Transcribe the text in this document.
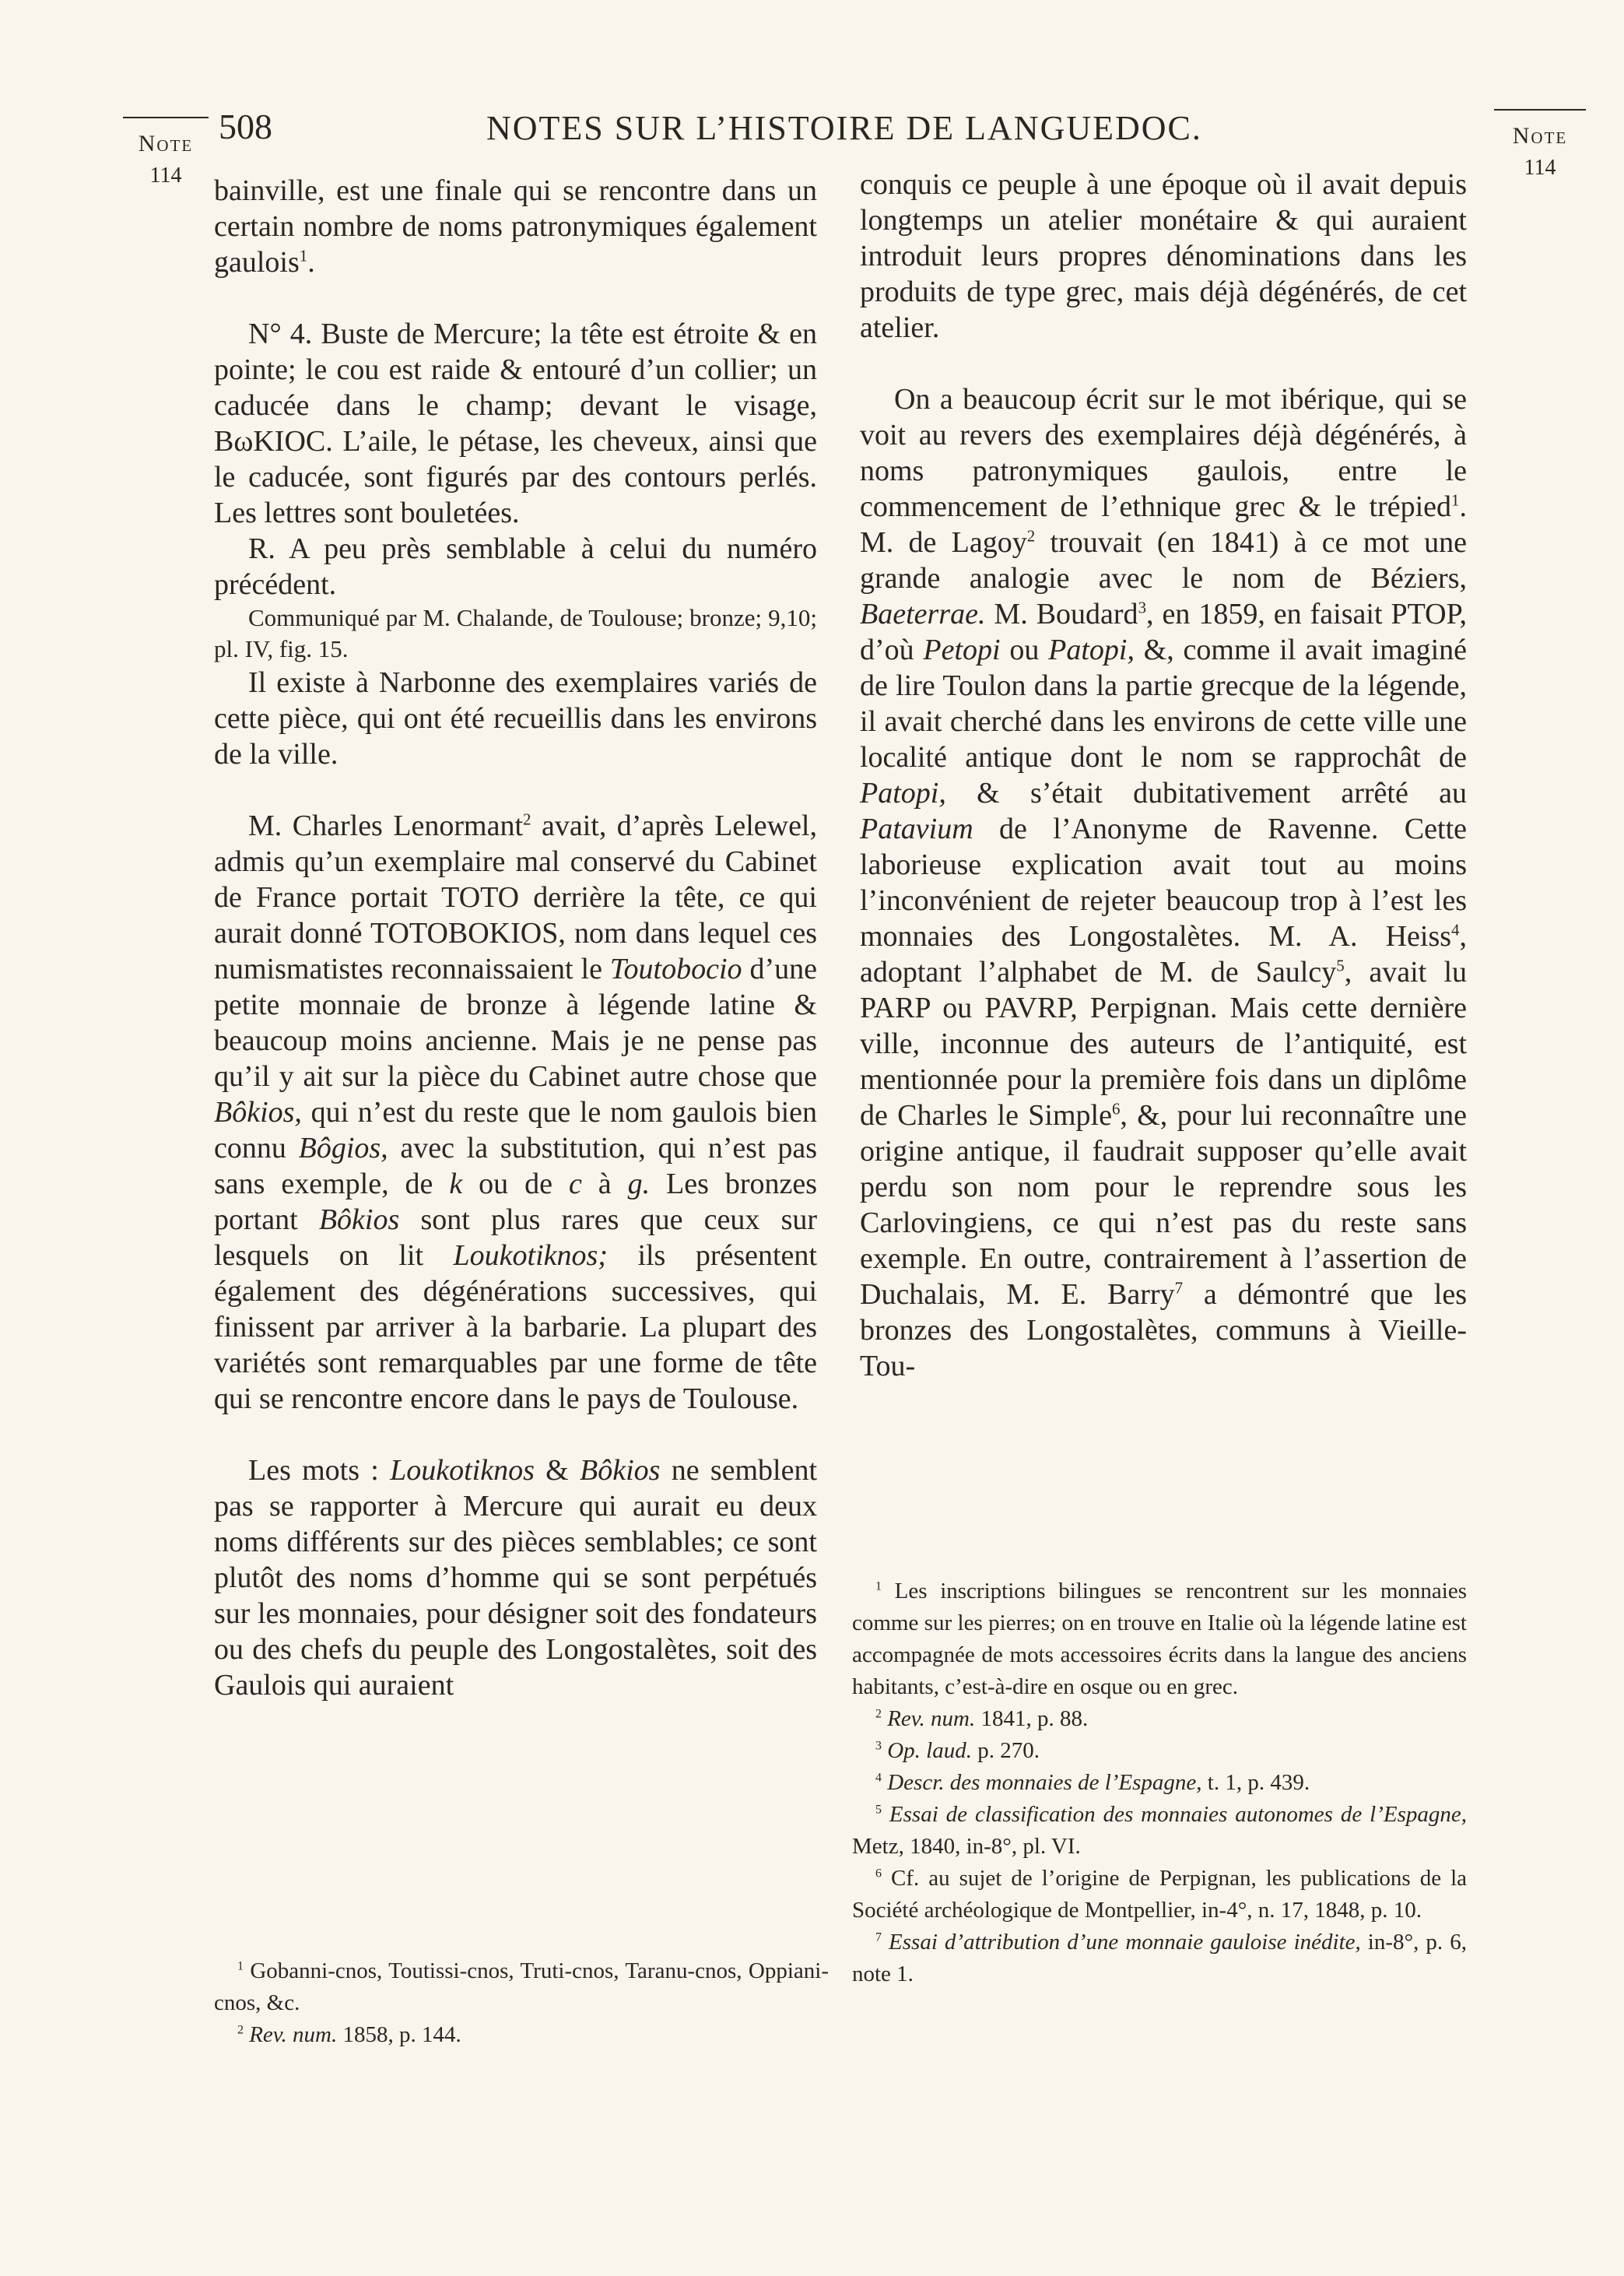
Note
114
508	NOTES SUR L’HISTOIRE DE LANGUEDOC.	Note
114

bainville, est une finale qui se rencontre dans un certain nombre de noms patronymiques également gaulois$^1$.

N° 4. Buste de Mercure; la tête est étroite & en pointe; le cou est raide & entouré d’un collier; un caducée dans le champ; devant le visage, BωKIOC. L’aile, le pétase, les cheveux, ainsi que le caducée, sont figurés par des contours perlés. Les lettres sont bouletées.

R. A peu près semblable à celui du numéro précédent.

Communiqué par M. Chalande, de Toulouse; bronze; 9,10; pl. IV, fig. 15.

Il existe à Narbonne des exemplaires variés de cette pièce, qui ont été recueillis dans les environs de la ville.

M. Charles Lenormant$^2$ avait, d’après Lelewel, admis qu’un exemplaire mal conservé du Cabinet de France portait TOTO derrière la tête, ce qui aurait donné TOTOBOKIOS, nom dans lequel ces numismatistes reconnaissaient le Toutobocio d’une petite monnaie de bronze à légende latine & beaucoup moins ancienne. Mais je ne pense pas qu’il y ait sur la pièce du Cabinet autre chose que Bôkios, qui n’est du reste que le nom gaulois bien connu Bôgios, avec la substitution, qui n’est pas sans exemple, de k ou de c à g. Les bronzes portant Bôkios sont plus rares que ceux sur lesquels on lit Loukotiknos; ils présentent également des dégénérations successives, qui finissent par arriver à la barbarie. La plupart des variétés sont remarquables par une forme de tête qui se rencontre encore dans le pays de Toulouse.

Les mots : Loukotiknos & Bôkios ne semblent pas se rapporter à Mercure qui aurait eu deux noms différents sur des pièces semblables; ce sont plutôt des noms d’homme qui se sont perpétués sur les monnaies, pour désigner soit des fondateurs ou des chefs du peuple des Longostalètes, soit des Gaulois qui auraient

conquis ce peuple à une époque où il avait depuis longtemps un atelier monétaire & qui auraient introduit leurs propres dénominations dans les produits de type grec, mais déjà dégénérés, de cet atelier.

On a beaucoup écrit sur le mot ibérique, qui se voit au revers des exemplaires déjà dégénérés, à noms patronymiques gaulois, entre le commencement de l’ethnique grec & le trépied$^1$. M. de Lagoy$^2$ trouvait (en 1841) à ce mot une grande analogie avec le nom de Béziers, Baeterrae. M. Boudard$^3$, en 1859, en faisait PTOP, d’où Petopi ou Patopi, &, comme il avait imaginé de lire Toulon dans la partie grecque de la légende, il avait cherché dans les environs de cette ville une localité antique dont le nom se rapprochât de Patopi, & s’était dubitativement arrêté au Patavium de l’Anonyme de Ravenne. Cette laborieuse explication avait tout au moins l’inconvénient de rejeter beaucoup trop à l’est les monnaies des Longostalètes. M. A. Heiss$^4$, adoptant l’alphabet de M. de Saulcy$^5$, avait lu PARP ou PAVRP, Perpignan. Mais cette dernière ville, inconnue des auteurs de l’antiquité, est mentionnée pour la première fois dans un diplôme de Charles le Simple$^6$, &, pour lui reconnaître une origine antique, il faudrait supposer qu’elle avait perdu son nom pour le reprendre sous les Carlovingiens, ce qui n’est pas du reste sans exemple. En outre, contrairement à l’assertion de Duchalais, M. E. Barry$^7$ a démontré que les bronzes des Longostalètes, communs à Vieille-Tou-

$^1$ Gobanni-cnos, Toutissi-cnos, Truti-cnos, Taranu-cnos, Oppiani-cnos, &c.

$^2$ Rev. num. 1858, p. 144.

$^1$ Les inscriptions bilingues se rencontrent sur les monnaies comme sur les pierres; on en trouve en Italie où la légende latine est accompagnée de mots accessoires écrits dans la langue des anciens habitants, c’est-à-dire en osque ou en grec.

$^2$ Rev. num. 1841, p. 88.

$^3$ Op. laud. p. 270.

$^4$ Descr. des monnaies de l’Espagne, t. 1, p. 439.

$^5$ Essai de classification des monnaies autonomes de l’Espagne, Metz, 1840, in-8°, pl. VI.

$^6$ Cf. au sujet de l’origine de Perpignan, les publications de la Société archéologique de Montpellier, in-4°, n. 17, 1848, p. 10.

$^7$ Essai d’attribution d’une monnaie gauloise inédite, in-8°, p. 6, note 1.
